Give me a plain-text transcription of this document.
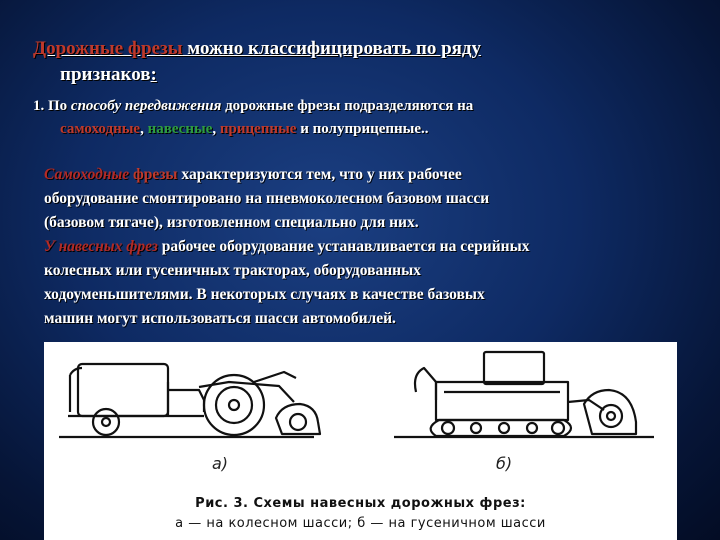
Дорожные фрезы можно классифицировать по ряду
признаков:
1. По способу передвижения дорожные фрезы подразделяются на
самоходные, навесные, прицепные и полуприцепные..
Самоходные фрезы характеризуются тем, что у них рабочее
оборудование смонтировано на пневмоколесном базовом шасси
(базовом тягаче), изготовленном специально для них.
У навесных фрез рабочее оборудование устанавливается на серийных
колесных или гусеничных тракторах, оборудованных
ходоуменьшителями. В некоторых случаях в качестве базовых
машин могут использоваться шасси автомобилей.
а)	б)
Рис. 3. Схемы навесных дорожных фрез:
а — на колесном шасси; б — на гусеничном шасси
